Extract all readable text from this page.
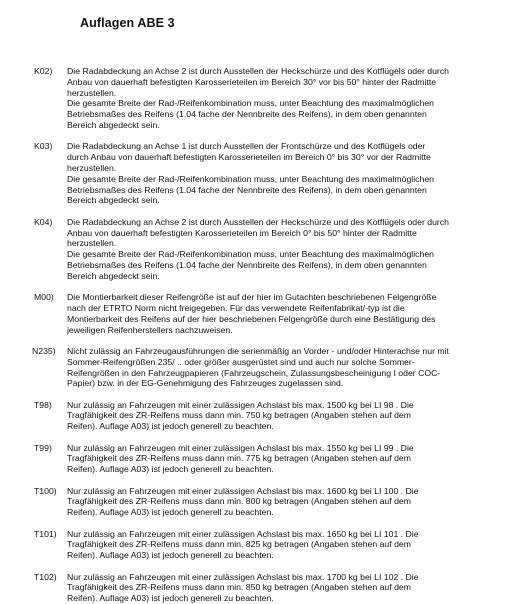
Auflagen ABE 3
K02)	Die Radabdeckung an Achse 2 ist durch Ausstellen der Heckschürze und des Kotflügels oder durch
Anbau von dauerhaft befestigten Karosserieteilen im Bereich 30° vor bis 50° hinter der Radmitte
herzustellen.
Die gesamte Breite der Rad-/Reifenkombination muss, unter Beachtung des maximalmöglichen
Betriebsmaßes des Reifens (1.04 fache der Nennbreite des Reifens), in dem oben genannten
Bereich abgedeckt sein.
K03)	Die Radabdeckung an Achse 1 ist durch Ausstellen der Frontschürze und des Kotflügels oder
durch Anbau von dauerhaft befestigten Karosserieteilen im Bereich 0° bis 30° vor der Radmitte
herzustellen.
Die gesamte Breite der Rad-/Reifenkombination muss, unter Beachtung des maximalmöglichen
Betriebsmaßes des Reifens (1.04 fache der Nennbreite des Reifens), in dem oben genannten
Bereich abgedeckt sein.
K04)	Die Radabdeckung an Achse 2 ist durch Ausstellen der Heckschürze und des Kotflügels oder durch
Anbau von dauerhaft befestigten Karosserieteilen im Bereich 0° bis 50° hinter der Radmitte
herzustellen.
Die gesamte Breite der Rad-/Reifenkombination muss, unter Beachtung des maximalmöglichen
Betriebsmaßes des Reifens (1.04 fache der Nennbreite des Reifens), in dem oben genannten
Bereich abgedeckt sein.
M00)	Die Montierbarkeit dieser Reifengröße ist auf der hier im Gutachten beschriebenen Felgengröße
nach der ETRTO Norm nicht freigegeben. Für das verwendete Reifenfabrikat/-typ ist die
Montierbarkeit des Reifens auf der hier beschriebenen Felgengröße durch eine Bestätigung des
jeweiligen Reifenherstellers nachzuweisen.
N235)	Nicht zulässig an Fahrzeugausführungen die serienmäßig an Vorder - und/oder Hinterachse nur mit
Sommer-Reifengrößen 235/ .. oder größer ausgerüstet sind und auch nur solche Sommer-
Reifengrößen in den Fahrzeugpapieren (Fahrzeugschein, Zulassungsbescheinigung I oder COC-
Papier) bzw. in der EG-Genehmigung des Fahrzeuges zugelassen sind.
T98)	Nur zulässig an Fahrzeugen mit einer zulässigen Achslast bis max. 1500 kg bei LI 98 . Die
Tragfähigkeit des ZR-Reifens muss dann min. 750 kg betragen (Angaben stehen auf dem
Reifen). Auflage A03) ist jedoch generell zu beachten.
T99)	Nur zulässig an Fahrzeugen mit einer zulässigen Achslast bis max. 1550 kg bei LI 99 . Die
Tragfähigkeit des ZR-Reifens muss dann min. 775 kg betragen (Angaben stehen auf dem
Reifen). Auflage A03) ist jedoch generell zu beachten.
T100)	Nur zulässig an Fahrzeugen mit einer zulässigen Achslast bis max. 1600 kg bei LI 100 . Die
Tragfähigkeit des ZR-Reifens muss dann min. 800 kg betragen (Angaben stehen auf dem
Reifen). Auflage A03) ist jedoch generell zu beachten.
T101)	Nur zulässig an Fahrzeugen mit einer zulässigen Achslast bis max. 1650 kg bei LI 101 . Die
Tragfähigkeit des ZR-Reifens muss dann min. 825 kg betragen (Angaben stehen auf dem
Reifen). Auflage A03) ist jedoch generell zu beachten.
T102)	Nur zulässig an Fahrzeugen mit einer zulässigen Achslast bis max. 1700 kg bei LI 102 . Die
Tragfähigkeit des ZR-Reifens muss dann min. 850 kg betragen (Angaben stehen auf dem
Reifen). Auflage A03) ist jedoch generell zu beachten.
